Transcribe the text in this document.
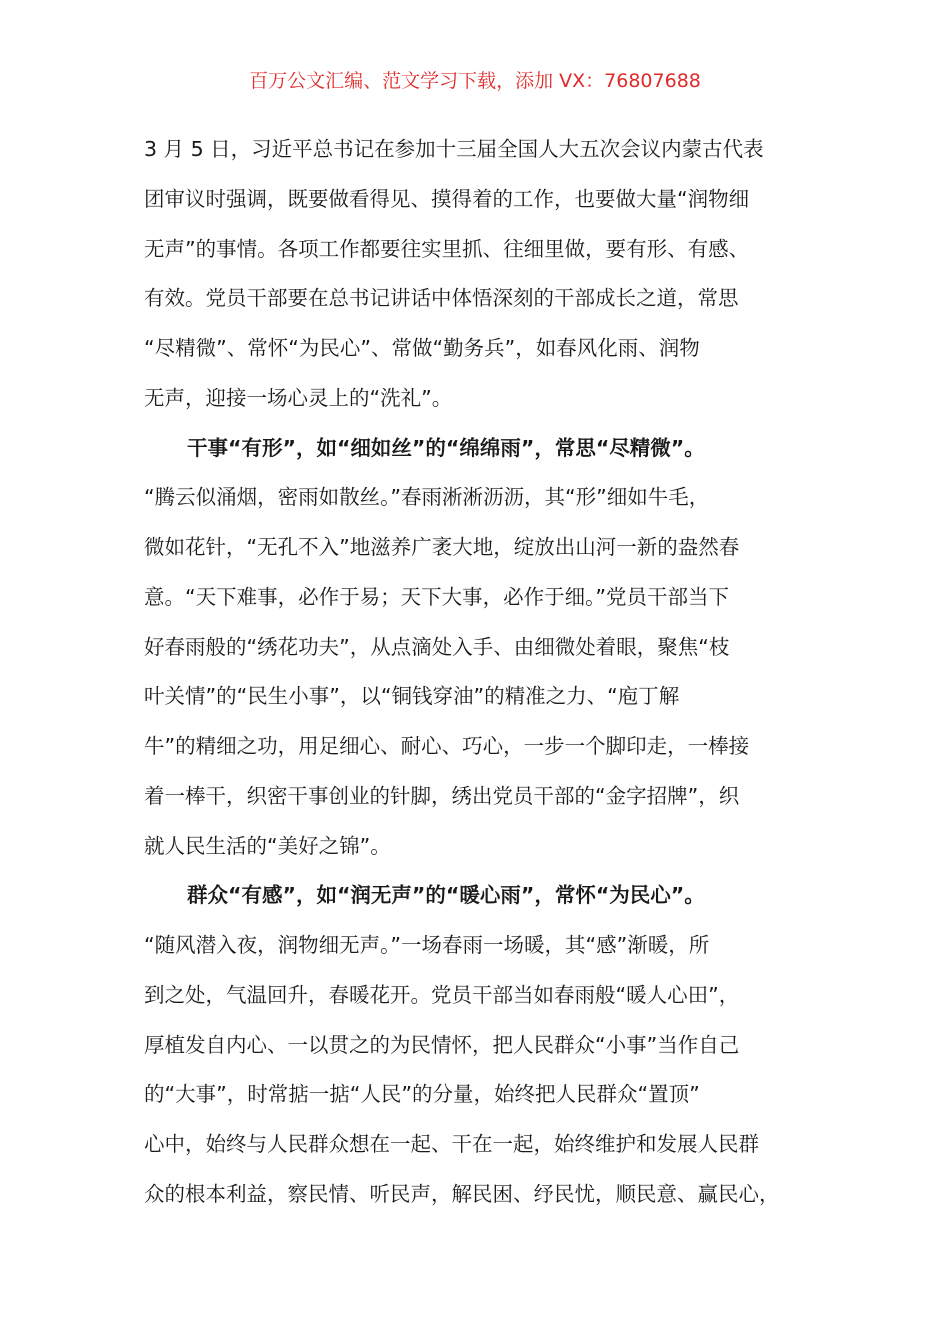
百万公文汇编、范文学习下载，添加 VX：76807688
3 月 5 日，习近平总书记在参加十三届全国人大五次会议内蒙古代表
团审议时强调，既要做看得见、摸得着的工作，也要做大量“润物细
无声”的事情。各项工作都要往实里抓、往细里做，要有形、有感、
有效。党员干部要在总书记讲话中体悟深刻的干部成长之道，常思
“尽精微”、常怀“为民心”、常做“勤务兵”，如春风化雨、润物
无声，迎接一场心灵上的“洗礼”。
干事“有形”，如“细如丝”的“绵绵雨”，常思“尽精微”。
“腾云似涌烟，密雨如散丝。”春雨淅淅沥沥，其“形”细如牛毛，
微如花针，“无孔不入”地滋养广袤大地，绽放出山河一新的盎然春
意。“天下难事，必作于易；天下大事，必作于细。”党员干部当下
好春雨般的“绣花功夫”，从点滴处入手、由细微处着眼，聚焦“枝
叶关情”的“民生小事”，以“铜钱穿油”的精准之力、“庖丁解
牛”的精细之功，用足细心、耐心、巧心，一步一个脚印走，一棒接
着一棒干，织密干事创业的针脚，绣出党员干部的“金字招牌”，织
就人民生活的“美好之锦”。
群众“有感”，如“润无声”的“暖心雨”，常怀“为民心”。
“随风潜入夜，润物细无声。”一场春雨一场暖，其“感”渐暖，所
到之处，气温回升，春暖花开。党员干部当如春雨般“暖人心田”，
厚植发自内心、一以贯之的为民情怀，把人民群众“小事”当作自己
的“大事”，时常掂一掂“人民”的分量，始终把人民群众“置顶”
心中，始终与人民群众想在一起、干在一起，始终维护和发展人民群
众的根本利益，察民情、听民声，解民困、纾民忧，顺民意、赢民心，
